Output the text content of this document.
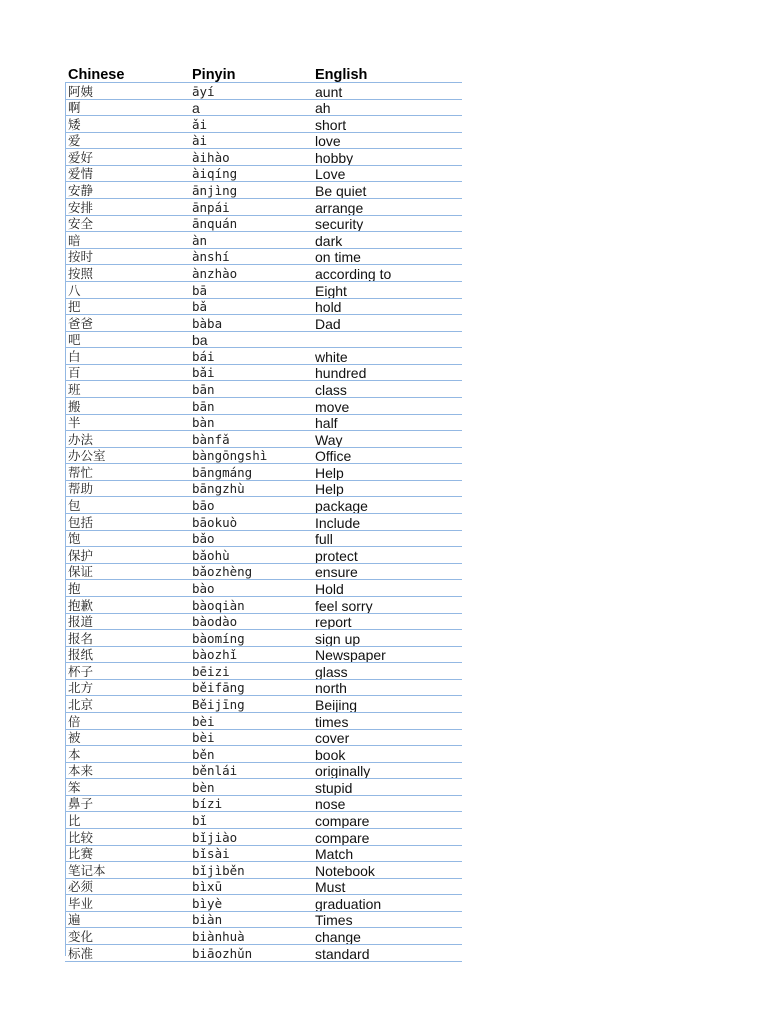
Chinese	Pinyin	English
阿姨	āyí	aunt
啊	a	ah
矮	ǎi	short
爱	ài	love
爱好	àihào	hobby
爱情	àiqíng	Love
安静	ānjìng	Be quiet
安排	ānpái	arrange
安全	ānquán	security
暗	àn	dark
按时	ànshí	on time
按照	ànzhào	according to
八	bā	Eight
把	bǎ	hold
爸爸	bàba	Dad
吧	ba
白	bái	white
百	bǎi	hundred
班	bān	class
搬	bān	move
半	bàn	half
办法	bànfǎ	Way
办公室	bàngōngshì	Office
帮忙	bāngmáng	Help
帮助	bāngzhù	Help
包	bāo	package
包括	bāokuò	Include
饱	bǎo	full
保护	bǎohù	protect
保证	bǎozhèng	ensure
抱	bào	Hold
抱歉	bàoqiàn	feel sorry
报道	bàodào	report
报名	bàomíng	sign up
报纸	bàozhǐ	Newspaper
杯子	bēizi	glass
北方	běifāng	north
北京	Běijīng	Beijing
倍	bèi	times
被	bèi	cover
本	běn	book
本来	běnlái	originally
笨	bèn	stupid
鼻子	bízi	nose
比	bǐ	compare
比较	bǐjiào	compare
比赛	bǐsài	Match
笔记本	bǐjìběn	Notebook
必须	bìxū	Must
毕业	bìyè	graduation
遍	biàn	Times
变化	biànhuà	change
标准	biāozhǔn	standard
